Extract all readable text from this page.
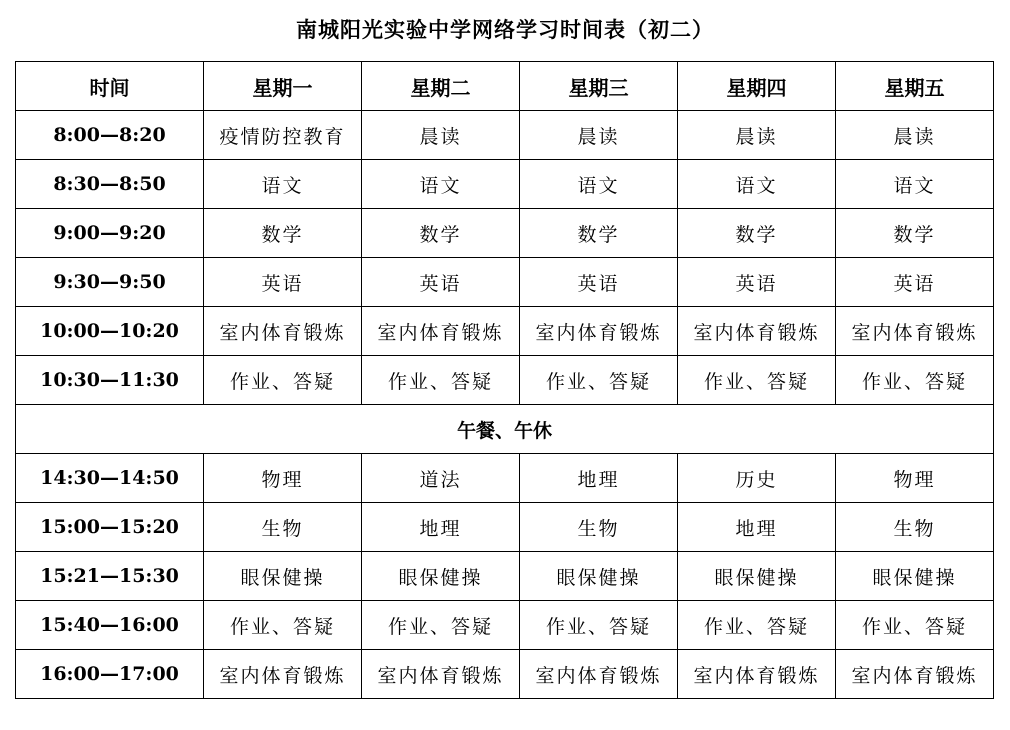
南城阳光实验中学网络学习时间表（初二）
时间	星期一	星期二	星期三	星期四	星期五
8:00—8:20	疫情防控教育	晨读	晨读	晨读	晨读
8:30—8:50	语文	语文	语文	语文	语文
9:00—9:20	数学	数学	数学	数学	数学
9:30—9:50	英语	英语	英语	英语	英语
10:00—10:20	室内体育锻炼	室内体育锻炼	室内体育锻炼	室内体育锻炼	室内体育锻炼
10:30—11:30	作业、答疑	作业、答疑	作业、答疑	作业、答疑	作业、答疑
午餐、午休					
14:30—14:50	物理	道法	地理	历史	物理
15:00—15:20	生物	地理	生物	地理	生物
15:21—15:30	眼保健操	眼保健操	眼保健操	眼保健操	眼保健操
15:40—16:00	作业、答疑	作业、答疑	作业、答疑	作业、答疑	作业、答疑
16:00—17:00	室内体育锻炼	室内体育锻炼	室内体育锻炼	室内体育锻炼	室内体育锻炼
